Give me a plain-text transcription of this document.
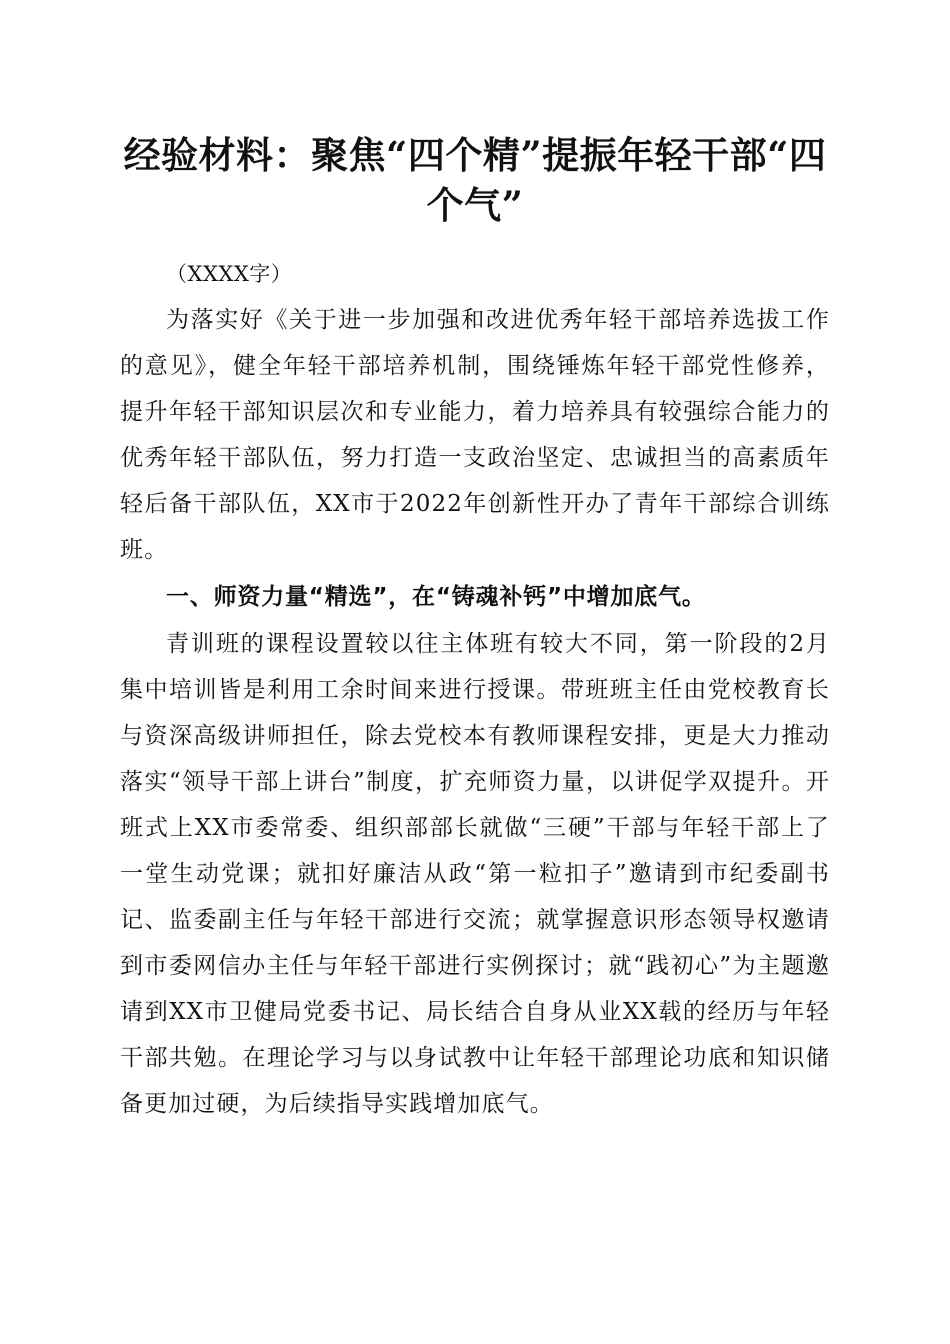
经验材料：聚焦“四个精”提振年轻干部“四个气”

（XXXX字）

为落实好《关于进一步加强和改进优秀年轻干部培养选拔工作的意见》，健全年轻干部培养机制，围绕锤炼年轻干部党性修养，提升年轻干部知识层次和专业能力，着力培养具有较强综合能力的优秀年轻干部队伍，努力打造一支政治坚定、忠诚担当的高素质年轻后备干部队伍，XX市于2022年创新性开办了青年干部综合训练班。

一、师资力量“精选”，在“铸魂补钙”中增加底气。

青训班的课程设置较以往主体班有较大不同，第一阶段的2月集中培训皆是利用工余时间来进行授课。带班班主任由党校教育长与资深高级讲师担任，除去党校本有教师课程安排，更是大力推动落实“领导干部上讲台”制度，扩充师资力量，以讲促学双提升。开班式上XX市委常委、组织部部长就做“三硬”干部与年轻干部上了一堂生动党课；就扣好廉洁从政“第一粒扣子”邀请到市纪委副书记、监委副主任与年轻干部进行交流；就掌握意识形态领导权邀请到市委网信办主任与年轻干部进行实例探讨；就“践初心”为主题邀请到XX市卫健局党委书记、局长结合自身从业XX载的经历与年轻干部共勉。在理论学习与以身试教中让年轻干部理论功底和知识储备更加过硬，为后续指导实践增加底气。
